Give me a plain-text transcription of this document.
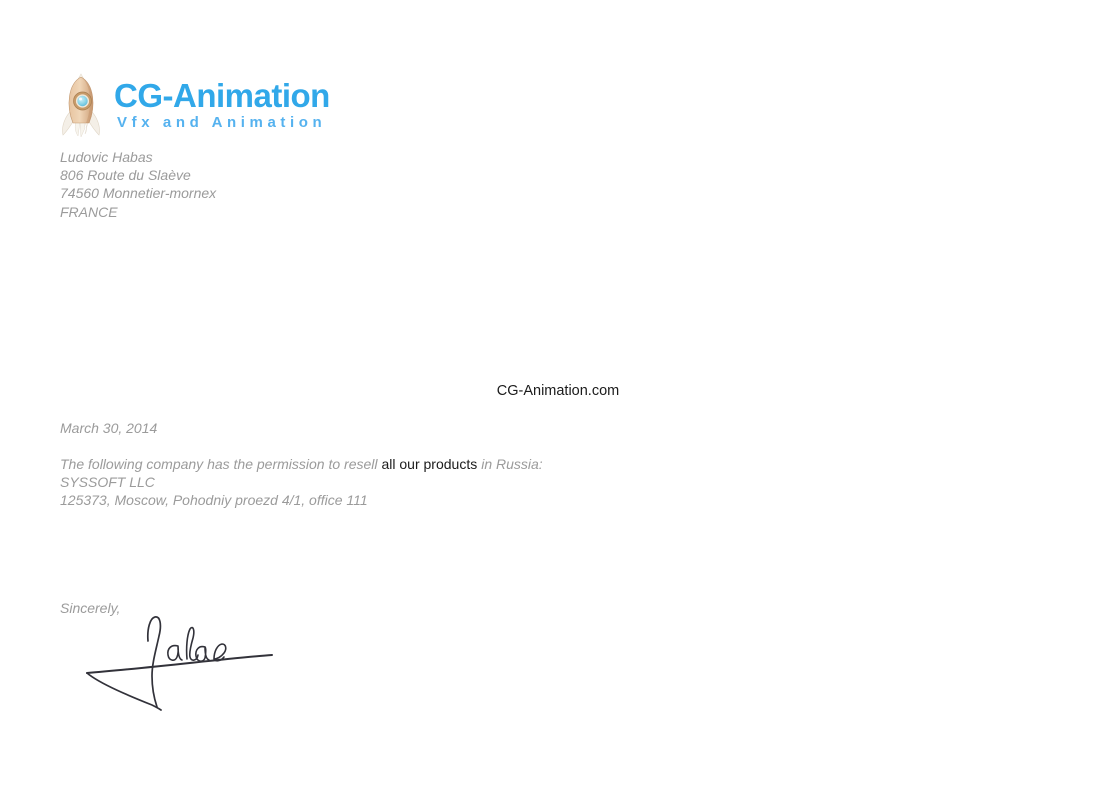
CG-Animation
Vfx and Animation
Ludovic Habas
806 Route du Slaève
74560 Monnetier-mornex
FRANCE
CG-Animation.com
March 30, 2014
The following company has the permission to resell all our products in Russia:
SYSSOFT LLC
125373, Moscow, Pohodniy proezd 4/1, office 111
Sincerely,
